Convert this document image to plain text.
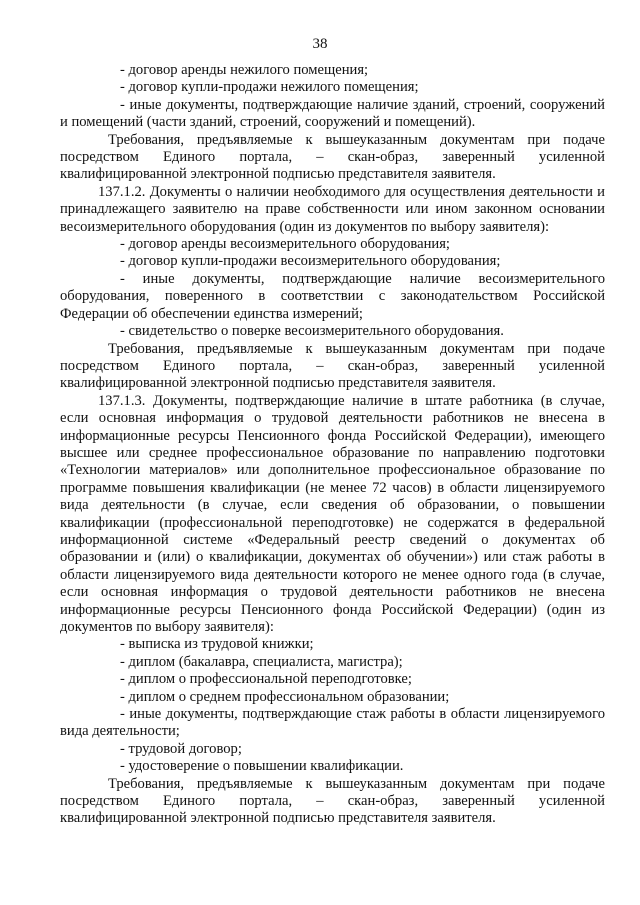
38

- договор аренды нежилого помещения;

- договор купли-продажи нежилого помещения;

- иные документы, подтверждающие наличие зданий, строений, сооружений и помещений (части зданий, строений, сооружений и помещений).

Требования, предъявляемые к вышеуказанным документам при подаче посредством Единого портала, – скан-образ, заверенный усиленной квалифицированной электронной подписью представителя заявителя.

137.1.2. Документы о наличии необходимого для осуществления деятельности и принадлежащего заявителю на праве собственности или ином законном основании весоизмерительного оборудования (один из документов по выбору заявителя):

- договор аренды весоизмерительного оборудования;

- договор купли-продажи весоизмерительного оборудования;

- иные документы, подтверждающие наличие весоизмерительного оборудования, поверенного в соответствии с законодательством Российской Федерации об обеспечении единства измерений;

- свидетельство о поверке весоизмерительного оборудования.

Требования, предъявляемые к вышеуказанным документам при подаче посредством Единого портала, – скан-образ, заверенный усиленной квалифицированной электронной подписью представителя заявителя.

137.1.3. Документы, подтверждающие наличие в штате работника (в случае, если основная информация о трудовой деятельности работников не внесена в информационные ресурсы Пенсионного фонда Российской Федерации), имеющего высшее или среднее профессиональное образование по направлению подготовки «Технологии материалов» или дополнительное профессиональное образование по программе повышения квалификации (не менее 72 часов) в области лицензируемого вида деятельности (в случае, если сведения об образовании, о повышении квалификации (профессиональной переподготовке) не содержатся в федеральной информационной системе «Федеральный реестр сведений о документах об образовании и (или) о квалификации, документах об обучении») или стаж работы в области лицензируемого вида деятельности которого не менее одного года (в случае, если основная информация о трудовой деятельности работников не внесена информационные ресурсы Пенсионного фонда Российской Федерации) (один из документов по выбору заявителя):

- выписка из трудовой книжки;

- диплом (бакалавра, специалиста, магистра);

- диплом о профессиональной переподготовке;

- диплом о среднем профессиональном образовании;

- иные документы, подтверждающие стаж работы в области лицензируемого вида деятельности;

- трудовой договор;

- удостоверение о повышении квалификации.

Требования, предъявляемые к вышеуказанным документам при подаче посредством Единого портала, – скан-образ, заверенный усиленной квалифицированной электронной подписью представителя заявителя.
